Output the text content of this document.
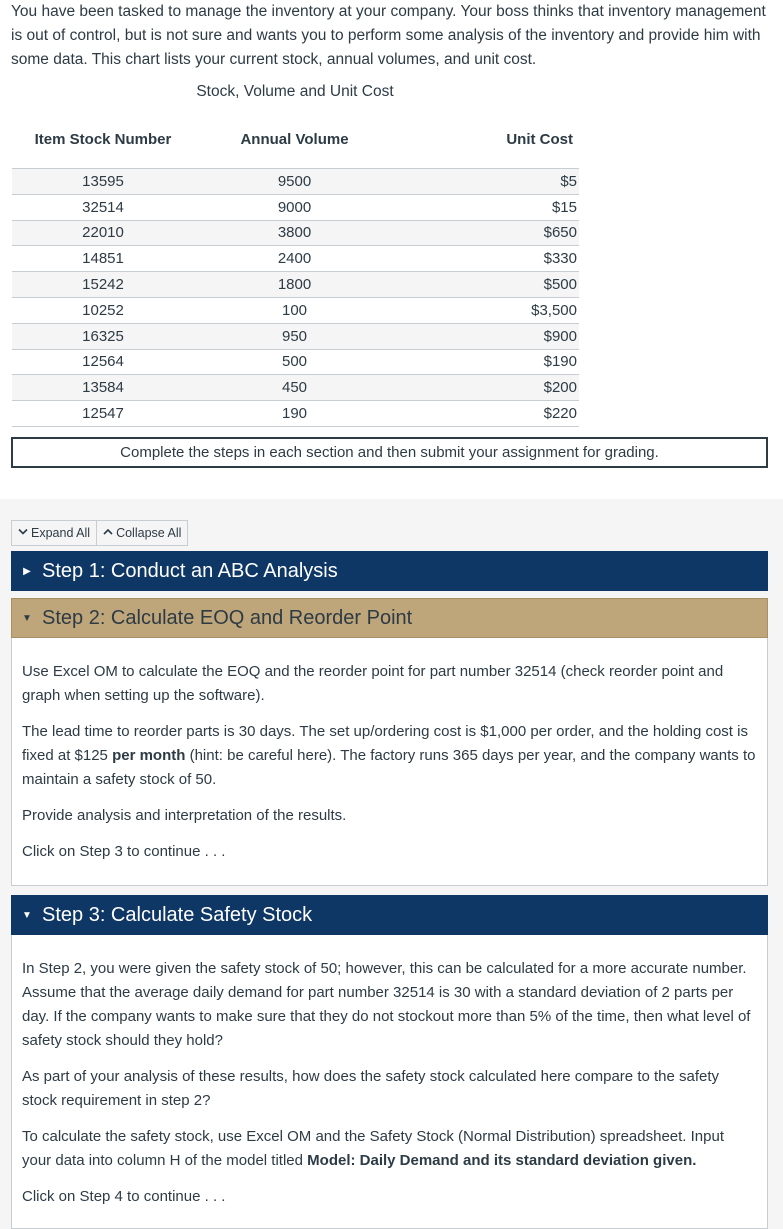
You have been tasked to manage the inventory at your company. Your boss thinks that inventory management is out of control, but is not sure and wants you to perform some analysis of the inventory and provide him with some data. This chart lists your current stock, annual volumes, and unit cost.
Stock, Volume and Unit Cost
Item Stock Number	Annual Volume	Unit Cost

13595	9500	$5
32514	9000	$15
22010	3800	$650
14851	2400	$330
15242	1800	$500
10252	100	$3,500
16325	950	$900
12564	500	$190
13584	450	$200
12547	190	$220
Complete the steps in each section and then submit your assignment for grading.
Expand All Collapse All
▶ Step 1: Conduct an ABC Analysis
▼ Step 2: Calculate EOQ and Reorder Point

Use Excel OM to calculate the EOQ and the reorder point for part number 32514 (check reorder point and graph when setting up the software).

The lead time to reorder parts is 30 days. The set up/ordering cost is $1,000 per order, and the holding cost is fixed at $125 per month (hint: be careful here). The factory runs 365 days per year, and the company wants to maintain a safety stock of 50.

Provide analysis and interpretation of the results.

Click on Step 3 to continue . . .

▼ Step 3: Calculate Safety Stock

In Step 2, you were given the safety stock of 50; however, this can be calculated for a more accurate number. Assume that the average daily demand for part number 32514 is 30 with a standard deviation of 2 parts per day. If the company wants to make sure that they do not stockout more than 5% of the time, then what level of safety stock should they hold?

As part of your analysis of these results, how does the safety stock calculated here compare to the safety stock requirement in step 2?

To calculate the safety stock, use Excel OM and the Safety Stock (Normal Distribution) spreadsheet. Input your data into column H of the model titled Model: Daily Demand and its standard deviation given.

Click on Step 4 to continue . . .
